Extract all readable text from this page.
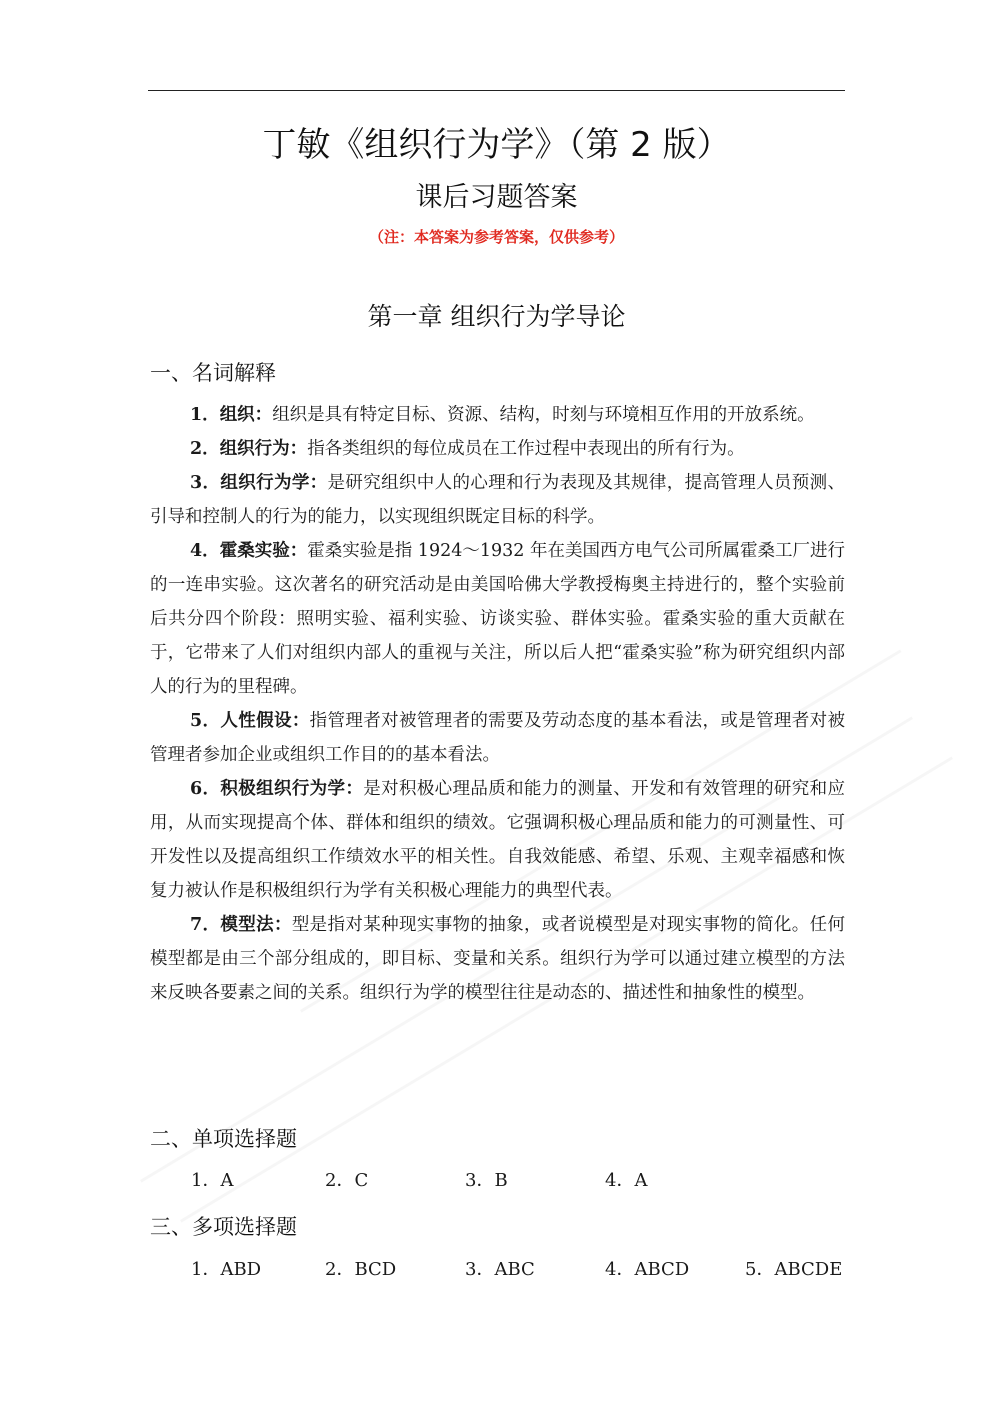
丁敏《组织行为学》（第 2 版）
课后习题答案
（注：本答案为参考答案，仅供参考）
第一章 组织行为学导论
一、名词解释

1．组织：组织是具有特定目标、资源、结构，时刻与环境相互作用的开放系统。

2．组织行为：指各类组织的每位成员在工作过程中表现出的所有行为。

3．组织行为学：是研究组织中人的心理和行为表现及其规律，提高管理人员预测、引导和控制人的行为的能力，以实现组织既定目标的科学。

4．霍桑实验：霍桑实验是指 1924～1932 年在美国西方电气公司所属霍桑工厂进行的一连串实验。这次著名的研究活动是由美国哈佛大学教授梅奥主持进行的，整个实验前后共分四个阶段：照明实验、福利实验、访谈实验、群体实验。霍桑实验的重大贡献在于，它带来了人们对组织内部人的重视与关注，所以后人把“霍桑实验”称为研究组织内部人的行为的里程碑。

5．人性假设：指管理者对被管理者的需要及劳动态度的基本看法，或是管理者对被管理者参加企业或组织工作目的的基本看法。

6．积极组织行为学：是对积极心理品质和能力的测量、开发和有效管理的研究和应用，从而实现提高个体、群体和组织的绩效。它强调积极心理品质和能力的可测量性、可开发性以及提高组织工作绩效水平的相关性。自我效能感、希望、乐观、主观幸福感和恢复力被认作是积极组织行为学有关积极心理能力的典型代表。

7．模型法：型是指对某种现实事物的抽象，或者说模型是对现实事物的简化。任何模型都是由三个部分组成的，即目标、变量和关系。组织行为学可以通过建立模型的方法来反映各要素之间的关系。组织行为学的模型往往是动态的、描述性和抽象性的模型。

二、单项选择题
1．A	2．C	3．B	4．A
三、多项选择题
1．ABD	2．BCD	3．ABC	4．ABCD	5．ABCDE
